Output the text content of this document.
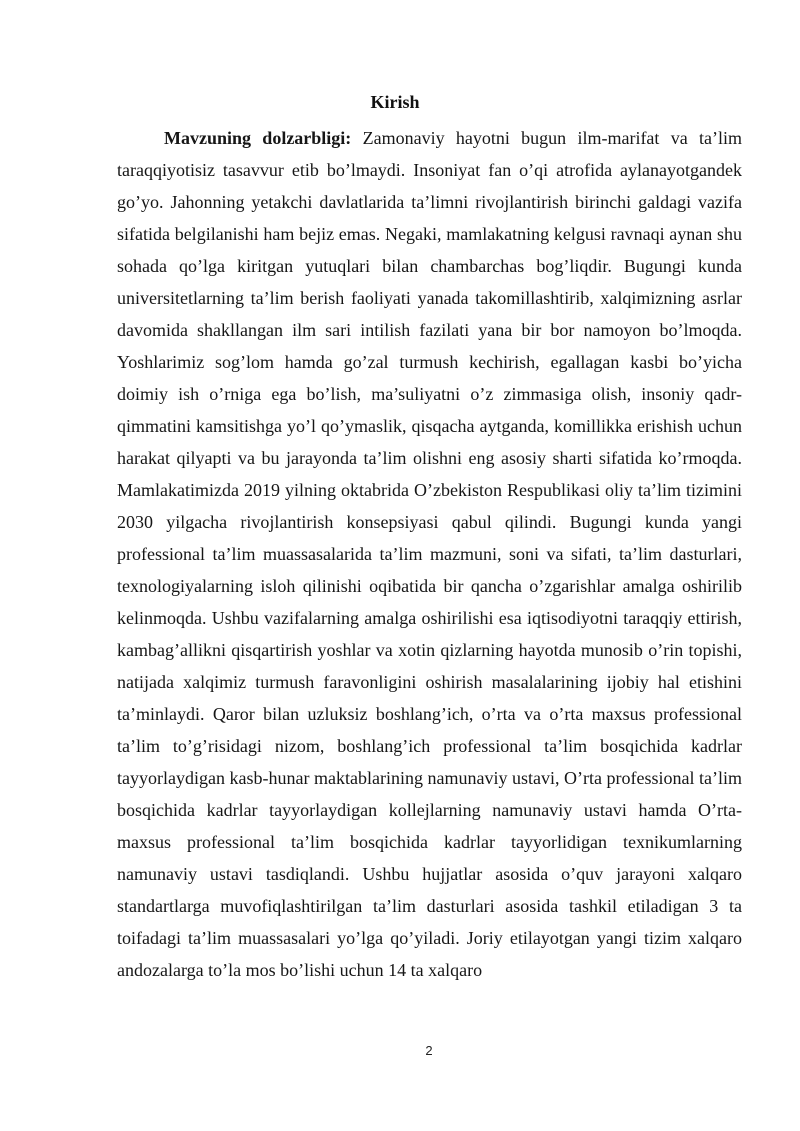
Kirish

Mavzuning dolzarbligi: Zamonaviy hayotni bugun ilm-marifat va ta’lim taraqqiyotisiz tasavvur etib bo’lmaydi. Insoniyat fan o’qi atrofida aylanayotgandek go’yo. Jahonning yetakchi davlatlarida ta’limni rivojlantirish birinchi galdagi vazifa sifatida belgilanishi ham bejiz emas. Negaki, mamlakatning kelgusi ravnaqi aynan shu sohada qo’lga kiritgan yutuqlari bilan chambarchas bog’liqdir. Bugungi kunda universitetlarning ta’lim berish faoliyati yanada takomillashtirib, xalqimizning asrlar davomida shakllangan ilm sari intilish fazilati yana bir bor namoyon bo’lmoqda. Yoshlarimiz sog’lom hamda go’zal turmush kechirish, egallagan kasbi bo’yicha doimiy ish o’rniga ega bo’lish, ma’suliyatni o’z zimmasiga olish, insoniy qadr-qimmatini kamsitishga yo’l qo’ymaslik, qisqacha aytganda, komillikka erishish uchun harakat qilyapti va bu jarayonda ta’lim olishni eng asosiy sharti sifatida ko’rmoqda. Mamlakatimizda 2019 yilning oktabrida O’zbekiston Respublikasi oliy ta’lim tizimini 2030 yilgacha rivojlantirish konsepsiyasi qabul qilindi. Bugungi kunda yangi professional ta’lim muassasalarida ta’lim mazmuni, soni va sifati, ta’lim dasturlari, texnologiyalarning isloh qilinishi oqibatida bir qancha o’zgarishlar amalga oshirilib kelinmoqda. Ushbu vazifalarning amalga oshirilishi esa iqtisodiyotni taraqqiy ettirish, kambag’allikni qisqartirish yoshlar va xotin qizlarning hayotda munosib o’rin topishi, natijada xalqimiz turmush faravonligini oshirish masalalarining ijobiy hal etishini ta’minlaydi. Qaror bilan uzluksiz boshlang’ich, o’rta va o’rta maxsus professional ta’lim to’g’risidagi nizom, boshlang’ich professional ta’lim bosqichida kadrlar tayyorlaydigan kasb-hunar maktablarining namunaviy ustavi, O’rta professional ta’lim bosqichida kadrlar tayyorlaydigan kollejlarning namunaviy ustavi hamda O’rta- maxsus professional ta’lim bosqichida kadrlar tayyorlidigan texnikumlarning namunaviy ustavi tasdiqlandi. Ushbu hujjatlar asosida o’quv jarayoni xalqaro standartlarga muvofiqlashtirilgan ta’lim dasturlari asosida tashkil etiladigan 3 ta toifadagi ta’lim muassasalari yo’lga qo’yiladi. Joriy etilayotgan yangi tizim xalqaro andozalarga to’la mos bo’lishi uchun 14 ta xalqaro

2
